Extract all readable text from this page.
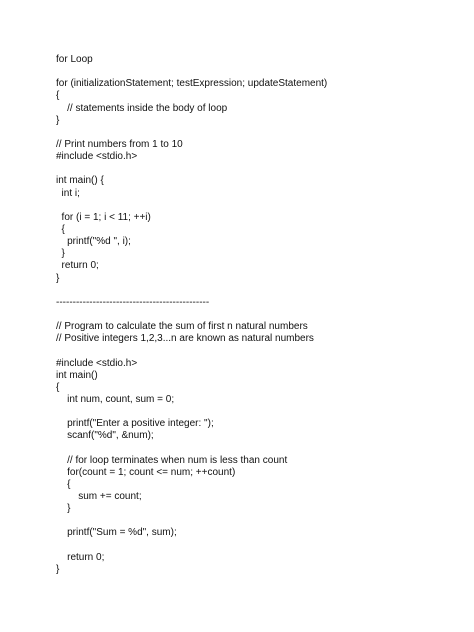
for Loop
for (initializationStatement; testExpression; updateStatement)
{
// statements inside the body of loop
}
// Print numbers from 1 to 10
#include <stdio.h>
int main() {
int i;
for (i = 1; i < 11; ++i)
{
printf("%d ", i);
}
return 0;
}
----------------------------------------------
// Program to calculate the sum of first n natural numbers
// Positive integers 1,2,3...n are known as natural numbers
#include <stdio.h>
int main()
{
int num, count, sum = 0;
printf("Enter a positive integer: ");
scanf("%d", &num);
// for loop terminates when num is less than count
for(count = 1; count <= num; ++count)
{
sum += count;
}
printf("Sum = %d", sum);
return 0;
}
